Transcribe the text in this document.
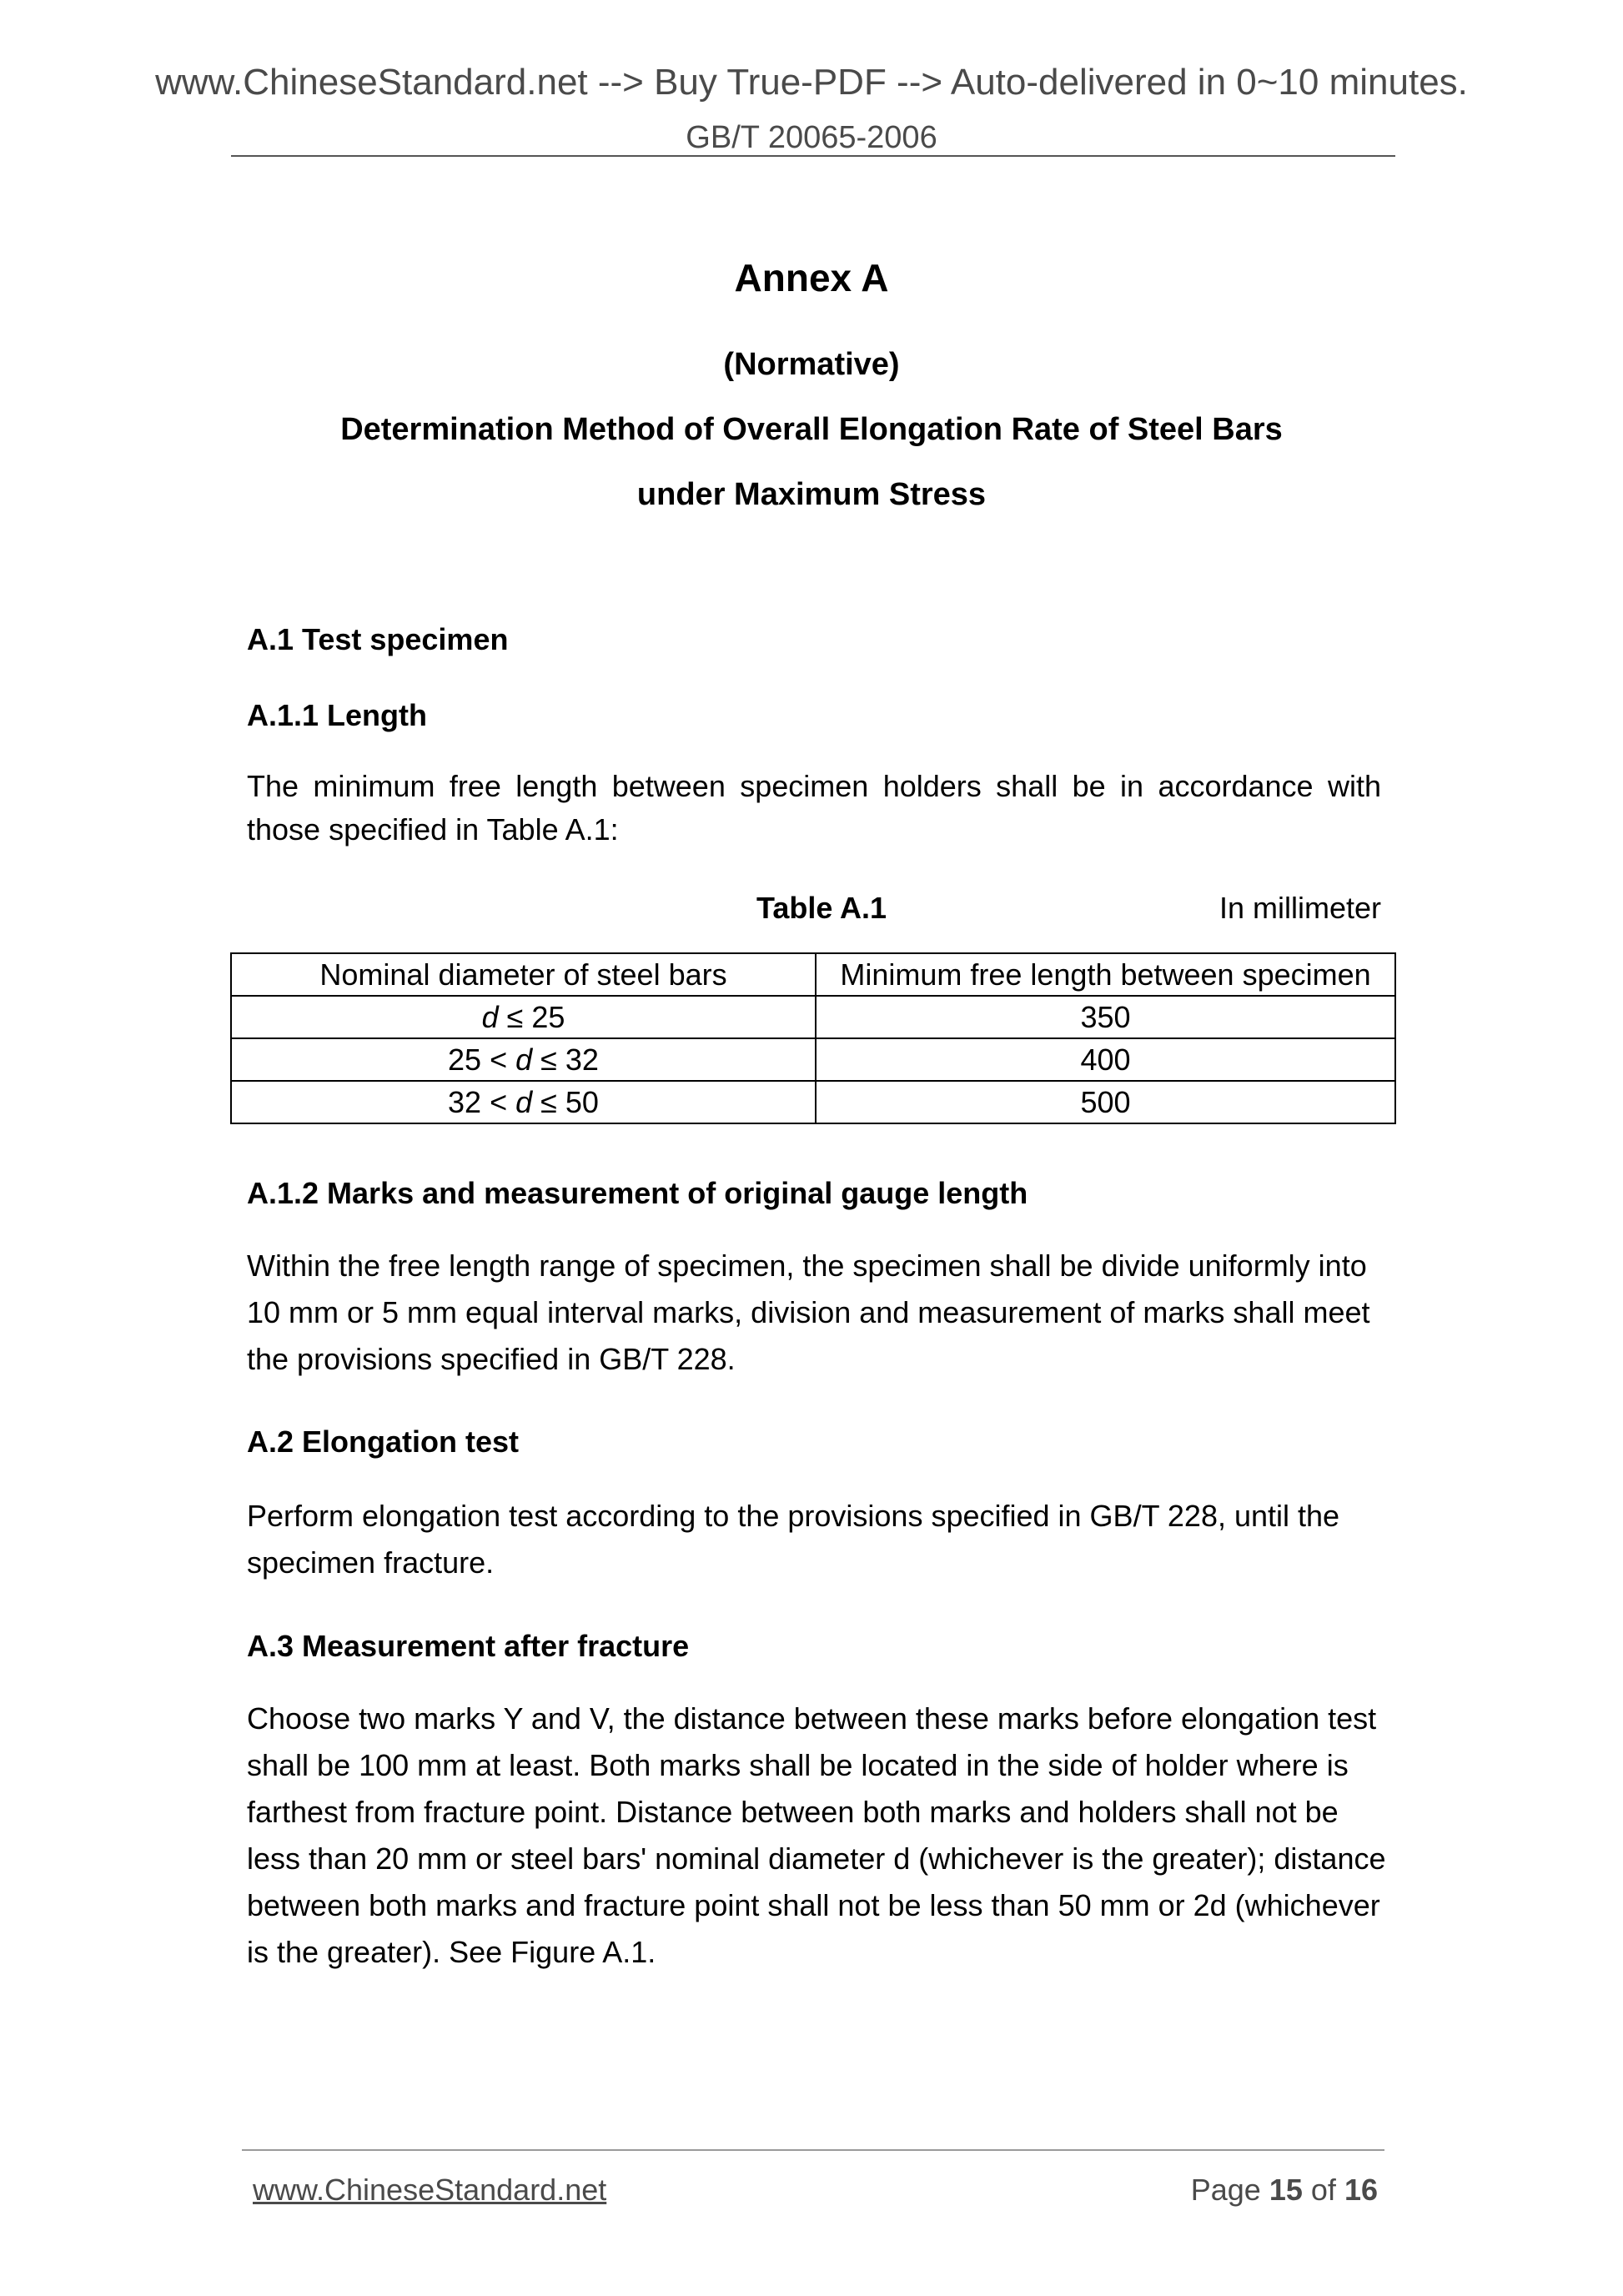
www.ChineseStandard.net --> Buy True-PDF --> Auto-delivered in 0~10 minutes.
GB/T 20065-2006
Annex A
(Normative)
Determination Method of Overall Elongation Rate of Steel Bars
under Maximum Stress
A.1 Test specimen
A.1.1 Length
The minimum free length between specimen holders shall be in accordance with
those specified in Table A.1:
Table A.1	In millimeter
Nominal diameter of steel bars	Minimum free length between specimen
d ≤ 25	350
25 < d ≤ 32	400
32 < d ≤ 50	500
A.1.2 Marks and measurement of original gauge length
Within the free length range of specimen, the specimen shall be divide uniformly into
10 mm or 5 mm equal interval marks, division and measurement of marks shall meet
the provisions specified in GB/T 228.
A.2 Elongation test
Perform elongation test according to the provisions specified in GB/T 228, until the
specimen fracture.
A.3 Measurement after fracture
Choose two marks Y and V, the distance between these marks before elongation test
shall be 100 mm at least. Both marks shall be located in the side of holder where is
farthest from fracture point. Distance between both marks and holders shall not be
less than 20 mm or steel bars' nominal diameter d (whichever is the greater); distance
between both marks and fracture point shall not be less than 50 mm or 2d (whichever
is the greater). See Figure A.1.
www.ChineseStandard.net	Page 15 of 16
